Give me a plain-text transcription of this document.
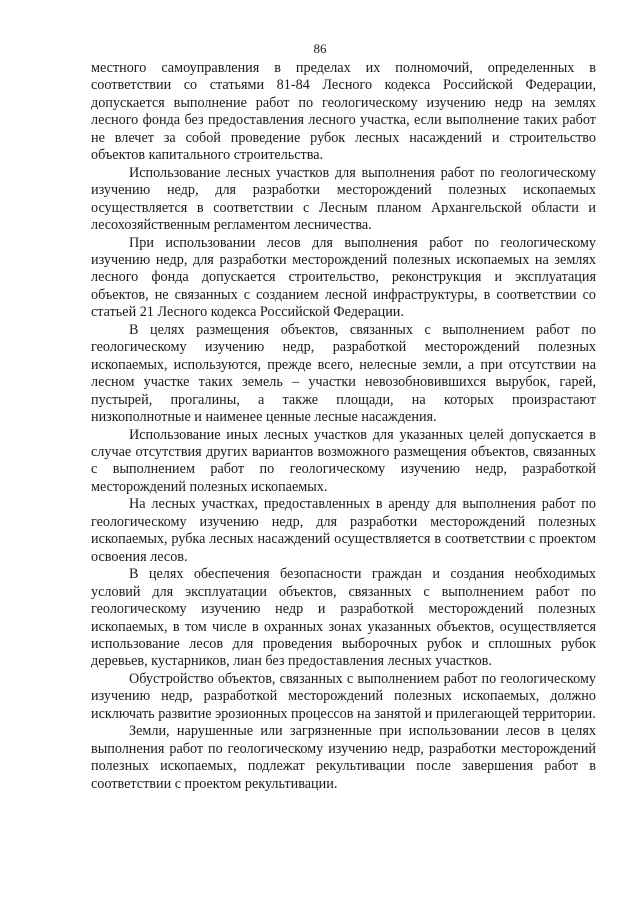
86

местного самоуправления в пределах их полномочий, определенных в соответствии со статьями 81-84 Лесного кодекса Российской Федерации, допускается выполнение работ по геологическому изучению недр на землях лесного фонда без предоставления лесного участка, если выполнение таких работ не влечет за собой проведение рубок лесных насаждений и строительство объектов капитального строительства.

Использование лесных участков для выполнения работ по геологическому изучению недр, для разработки месторождений полезных ископаемых осуществляется в соответствии с Лесным планом Архангельской области и лесохозяйственным регламентом лесничества.

При использовании лесов для выполнения работ по геологическому изучению недр, для разработки месторождений полезных ископаемых на землях лесного фонда допускается строительство, реконструкция и эксплуатация объектов, не связанных с созданием лесной инфраструктуры, в соответствии со статьей 21 Лесного кодекса Российской Федерации.

В целях размещения объектов, связанных с выполнением работ по геологическому изучению недр, разработкой месторождений полезных ископаемых, используются, прежде всего, нелесные земли, а при отсутствии на лесном участке таких земель – участки невозобновившихся вырубок, гарей, пустырей, прогалины, а также площади, на которых произрастают низкополнотные и наименее ценные лесные насаждения.

Использование иных лесных участков для указанных целей допускается в случае отсутствия других вариантов возможного размещения объектов, связанных с выполнением работ по геологическому изучению недр, разработкой месторождений полезных ископаемых.

На лесных участках, предоставленных в аренду для выполнения работ по геологическому изучению недр, для разработки месторождений полезных ископаемых, рубка лесных насаждений осуществляется в соответствии с проектом освоения лесов.

В целях обеспечения безопасности граждан и создания необходимых условий для эксплуатации объектов, связанных с выполнением работ по геологическому изучению недр и разработкой месторождений полезных ископаемых, в том числе в охранных зонах указанных объектов, осуществляется использование лесов для проведения выборочных рубок и сплошных рубок деревьев, кустарников, лиан без предоставления лесных участков.

Обустройство объектов, связанных с выполнением работ по геологическому изучению недр, разработкой месторождений полезных ископаемых, должно исключать развитие эрозионных процессов на занятой и прилегающей территории.

Земли, нарушенные или загрязненные при использовании лесов в целях выполнения работ по геологическому изучению недр, разработки месторождений полезных ископаемых, подлежат рекультивации после завершения работ в соответствии с проектом рекультивации.
